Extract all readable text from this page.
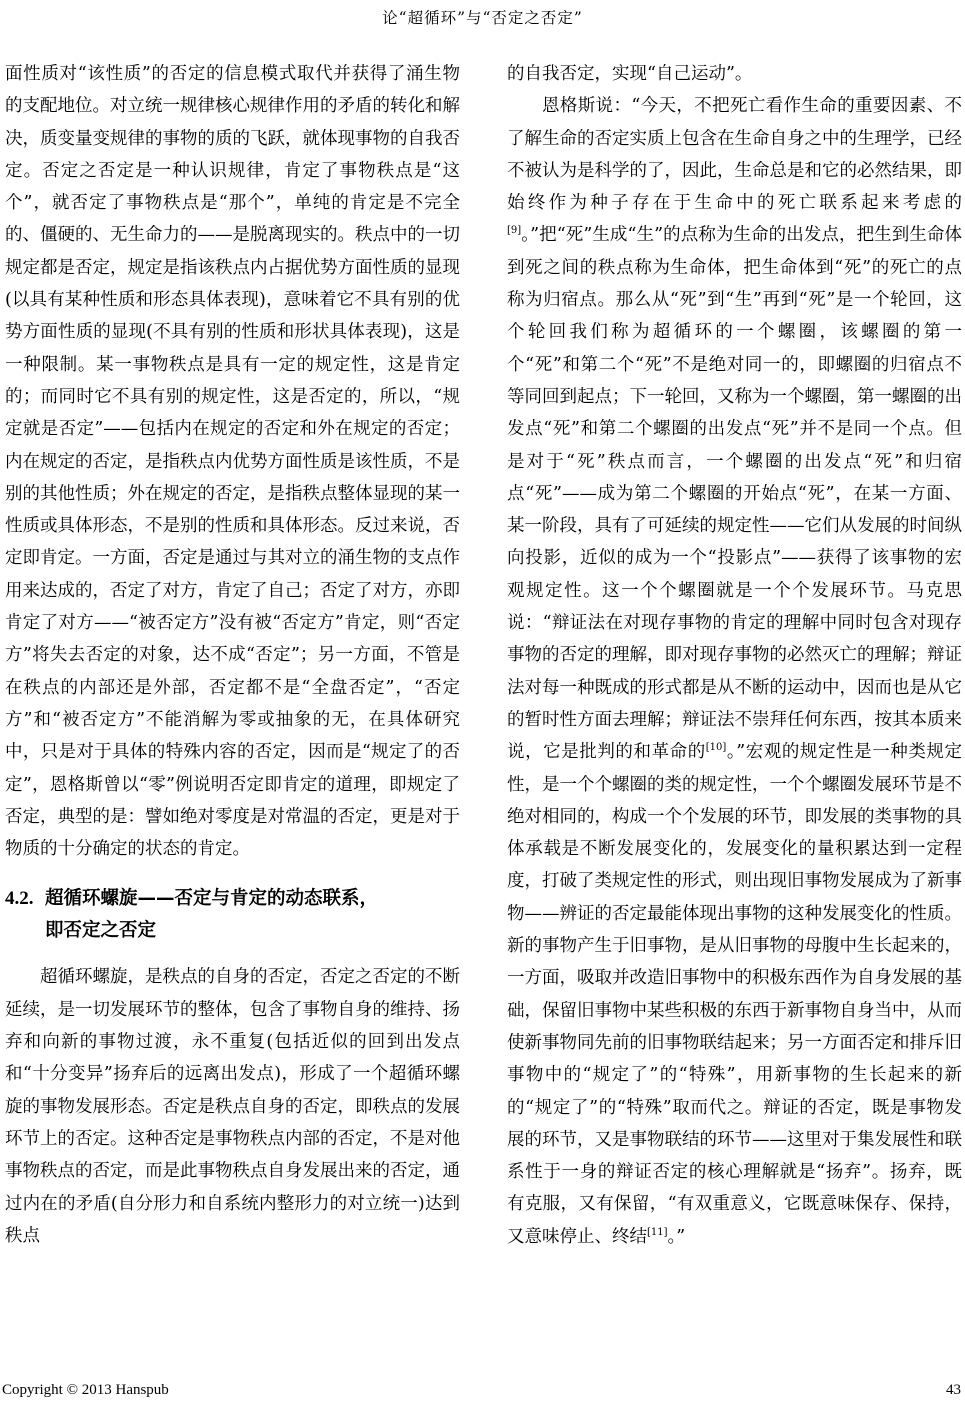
论“超循环”与“否定之否定”

面性质对“该性质”的否定的信息模式取代并获得了涌生物的支配地位。对立统一规律核心规律作用的矛盾的转化和解决，质变量变规律的事物的质的飞跃，就体现事物的自我否定。否定之否定是一种认识规律，肯定了事物秩点是“这个”，就否定了事物秩点是“那个”，单纯的肯定是不完全的、僵硬的、无生命力的——是脱离现实的。秩点中的一切规定都是否定，规定是指该秩点内占据优势方面性质的显现(以具有某种性质和形态具体表现)，意味着它不具有别的优势方面性质的显现(不具有别的性质和形状具体表现)，这是一种限制。某一事物秩点是具有一定的规定性，这是肯定的；而同时它不具有别的规定性，这是否定的，所以，“规定就是否定”——包括内在规定的否定和外在规定的否定；内在规定的否定，是指秩点内优势方面性质是该性质，不是别的其他性质；外在规定的否定，是指秩点整体显现的某一性质或具体形态，不是别的性质和具体形态。反过来说，否定即肯定。一方面，否定是通过与其对立的涌生物的支点作用来达成的，否定了对方，肯定了自己；否定了对方，亦即肯定了对方——“被否定方”没有被“否定方”肯定，则“否定方”将失去否定的对象，达不成“否定”；另一方面，不管是在秩点的内部还是外部，否定都不是“全盘否定”，“否定方”和“被否定方”不能消解为零或抽象的无，在具体研究中，只是对于具体的特殊内容的否定，因而是“规定了的否定”，恩格斯曾以“零”例说明否定即肯定的道理，即规定了否定，典型的是：譬如绝对零度是对常温的否定，更是对于物质的十分确定的状态的肯定。

4.2. 超循环螺旋——否定与肯定的动态联系，
即否定之否定

超循环螺旋，是秩点的自身的否定，否定之否定的不断延续，是一切发展环节的整体，包含了事物自身的维持、扬弃和向新的事物过渡，永不重复(包括近似的回到出发点和“十分变异”扬弃后的远离出发点)，形成了一个超循环螺旋的事物发展形态。否定是秩点自身的否定，即秩点的发展环节上的否定。这种否定是事物秩点内部的否定，不是对他事物秩点的否定，而是此事物秩点自身发展出来的否定，通过内在的矛盾(自分形力和自系统内整形力的对立统一)达到秩点

的自我否定，实现“自己运动”。

恩格斯说：“今天，不把死亡看作生命的重要因素、不了解生命的否定实质上包含在生命自身之中的生理学，已经不被认为是科学的了，因此，生命总是和它的必然结果，即始终作为种子存在于生命中的死亡联系起来考虑的[9]。”把“死”生成“生”的点称为生命的出发点，把生到生命体到死之间的秩点称为生命体，把生命体到“死”的死亡的点称为归宿点。那么从“死”到“生”再到“死”是一个轮回，这个轮回我们称为超循环的一个螺圈，该螺圈的第一个“死”和第二个“死”不是绝对同一的，即螺圈的归宿点不等同回到起点；下一轮回，又称为一个螺圈，第一螺圈的出发点“死”和第二个螺圈的出发点“死”并不是同一个点。但是对于“死”秩点而言，一个螺圈的出发点“死”和归宿点“死”——成为第二个螺圈的开始点“死”，在某一方面、某一阶段，具有了可延续的规定性——它们从发展的时间纵向投影，近似的成为一个“投影点”——获得了该事物的宏观规定性。这一个个螺圈就是一个个发展环节。马克思说：“辩证法在对现存事物的肯定的理解中同时包含对现存事物的否定的理解，即对现存事物的必然灭亡的理解；辩证法对每一种既成的形式都是从不断的运动中，因而也是从它的暂时性方面去理解；辩证法不崇拜任何东西，按其本质来说，它是批判的和革命的[10]。”宏观的规定性是一种类规定性，是一个个螺圈的类的规定性，一个个螺圈发展环节是不绝对相同的，构成一个个发展的环节，即发展的类事物的具体承载是不断发展变化的，发展变化的量积累达到一定程度，打破了类规定性的形式，则出现旧事物发展成为了新事物——辨证的否定最能体现出事物的这种发展变化的性质。新的事物产生于旧事物，是从旧事物的母腹中生长起来的，一方面，吸取并改造旧事物中的积极东西作为自身发展的基础，保留旧事物中某些积极的东西于新事物自身当中，从而使新事物同先前的旧事物联结起来；另一方面否定和排斥旧事物中的“规定了”的“特殊”，用新事物的生长起来的新的“规定了”的“特殊”取而代之。辩证的否定，既是事物发展的环节，又是事物联结的环节——这里对于集发展性和联系性于一身的辩证否定的核心理解就是“扬弃”。扬弃，既有克服，又有保留，“有双重意义，它既意味保存、保持，又意味停止、终结[11]。”

Copyright © 2013 Hanspub	43
